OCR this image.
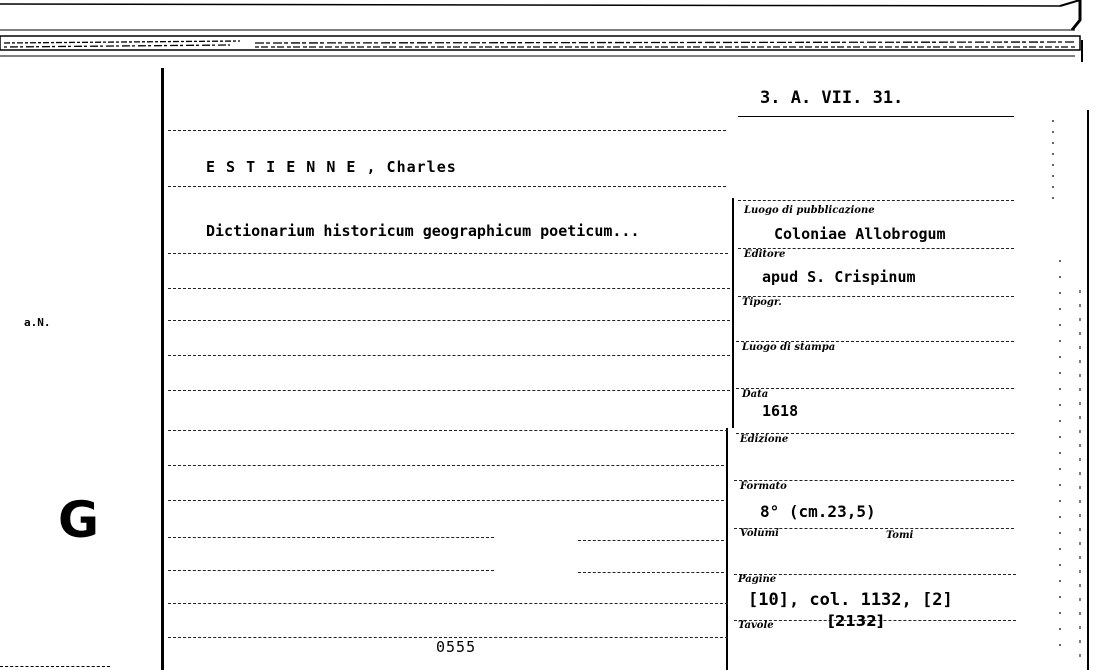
3. A. VII. 31.
E S T I E N N E , Charles
Dictionarium historicum geographicum poeticum...
a.N.
G
0555
Luogo di pubblicazione
Coloniae Allobrogum
Editore
apud S. Crispinum
Tipogr.
Luogo di stampa
Data
1618
Edizione
Formato
8° (cm.23,5)
Volumi	Tomi
Pagine
[10], col. 1132, [2]
Tavole	[2132]
